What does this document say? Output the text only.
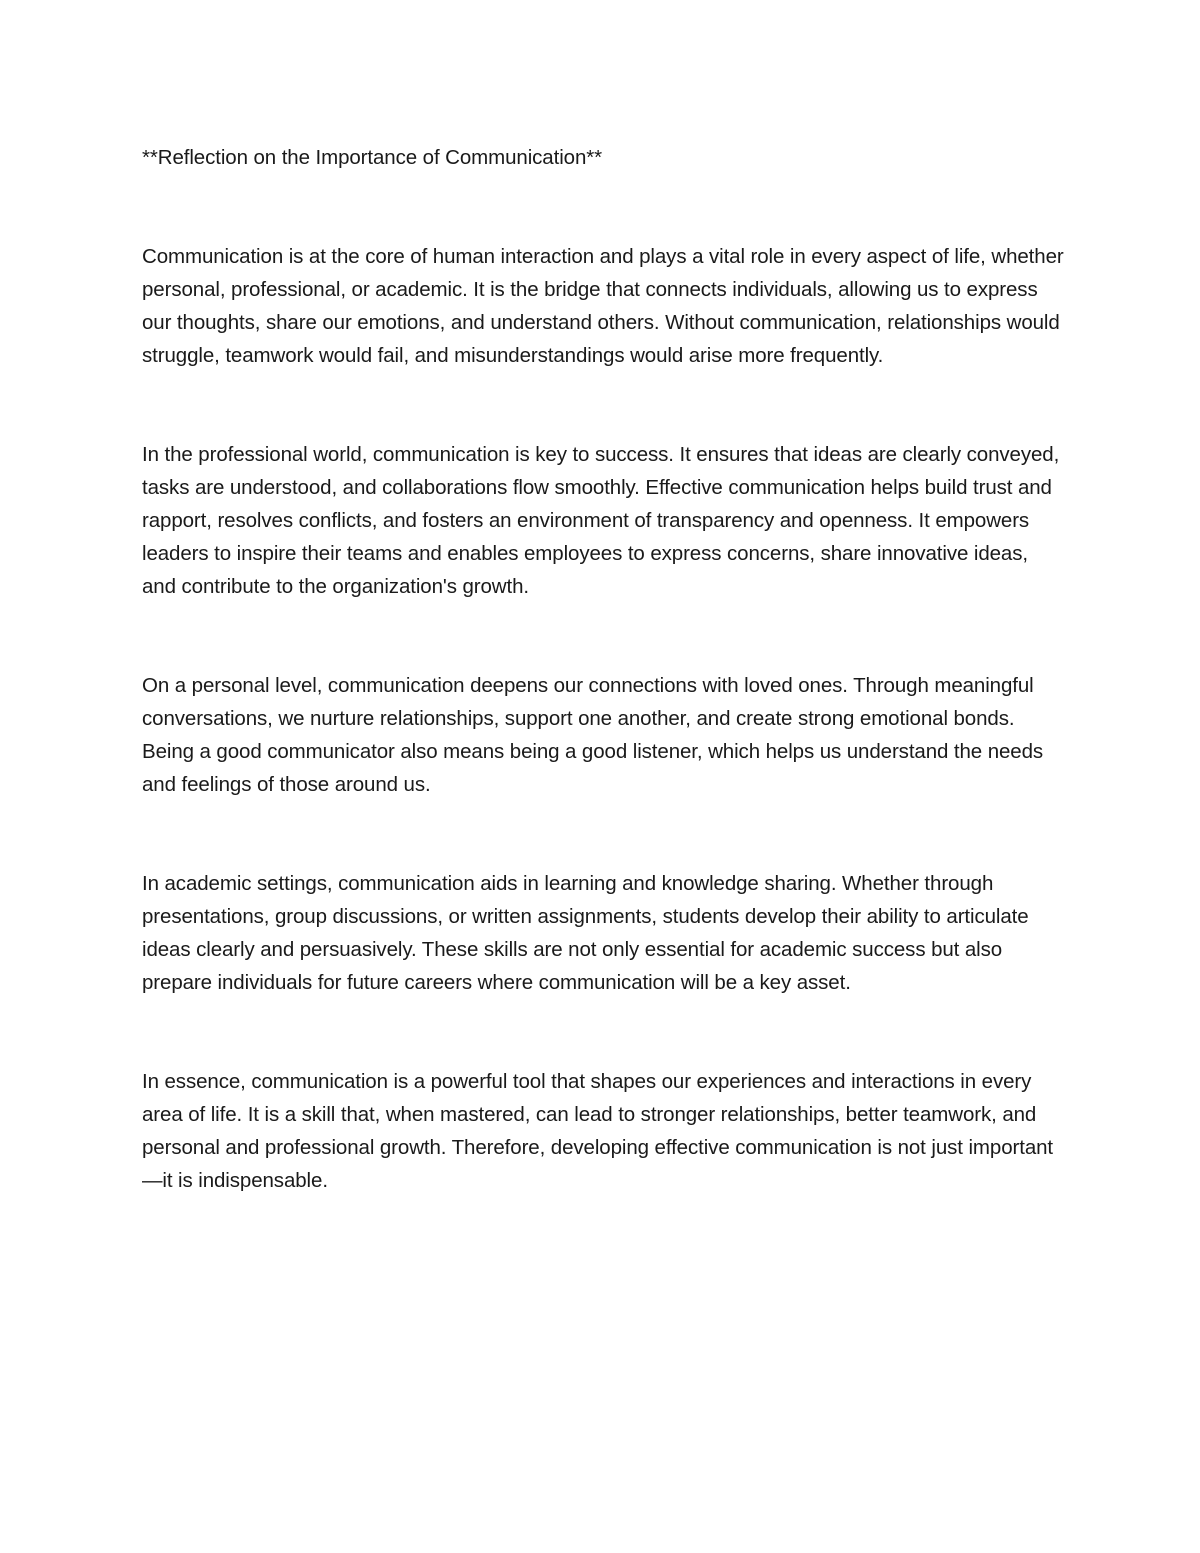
**Reflection on the Importance of Communication**

Communication is at the core of human interaction and plays a vital role in every aspect of life, whether personal, professional, or academic. It is the bridge that connects individuals, allowing us to express our thoughts, share our emotions, and understand others. Without communication, relationships would struggle, teamwork would fail, and misunderstandings would arise more frequently.

In the professional world, communication is key to success. It ensures that ideas are clearly conveyed, tasks are understood, and collaborations flow smoothly. Effective communication helps build trust and rapport, resolves conflicts, and fosters an environment of transparency and openness. It empowers leaders to inspire their teams and enables employees to express concerns, share innovative ideas, and contribute to the organization's growth.

On a personal level, communication deepens our connections with loved ones. Through meaningful conversations, we nurture relationships, support one another, and create strong emotional bonds. Being a good communicator also means being a good listener, which helps us understand the needs and feelings of those around us.

In academic settings, communication aids in learning and knowledge sharing. Whether through presentations, group discussions, or written assignments, students develop their ability to articulate ideas clearly and persuasively. These skills are not only essential for academic success but also prepare individuals for future careers where communication will be a key asset.

In essence, communication is a powerful tool that shapes our experiences and interactions in every area of life. It is a skill that, when mastered, can lead to stronger relationships, better teamwork, and personal and professional growth. Therefore, developing effective communication is not just important—it is indispensable.
